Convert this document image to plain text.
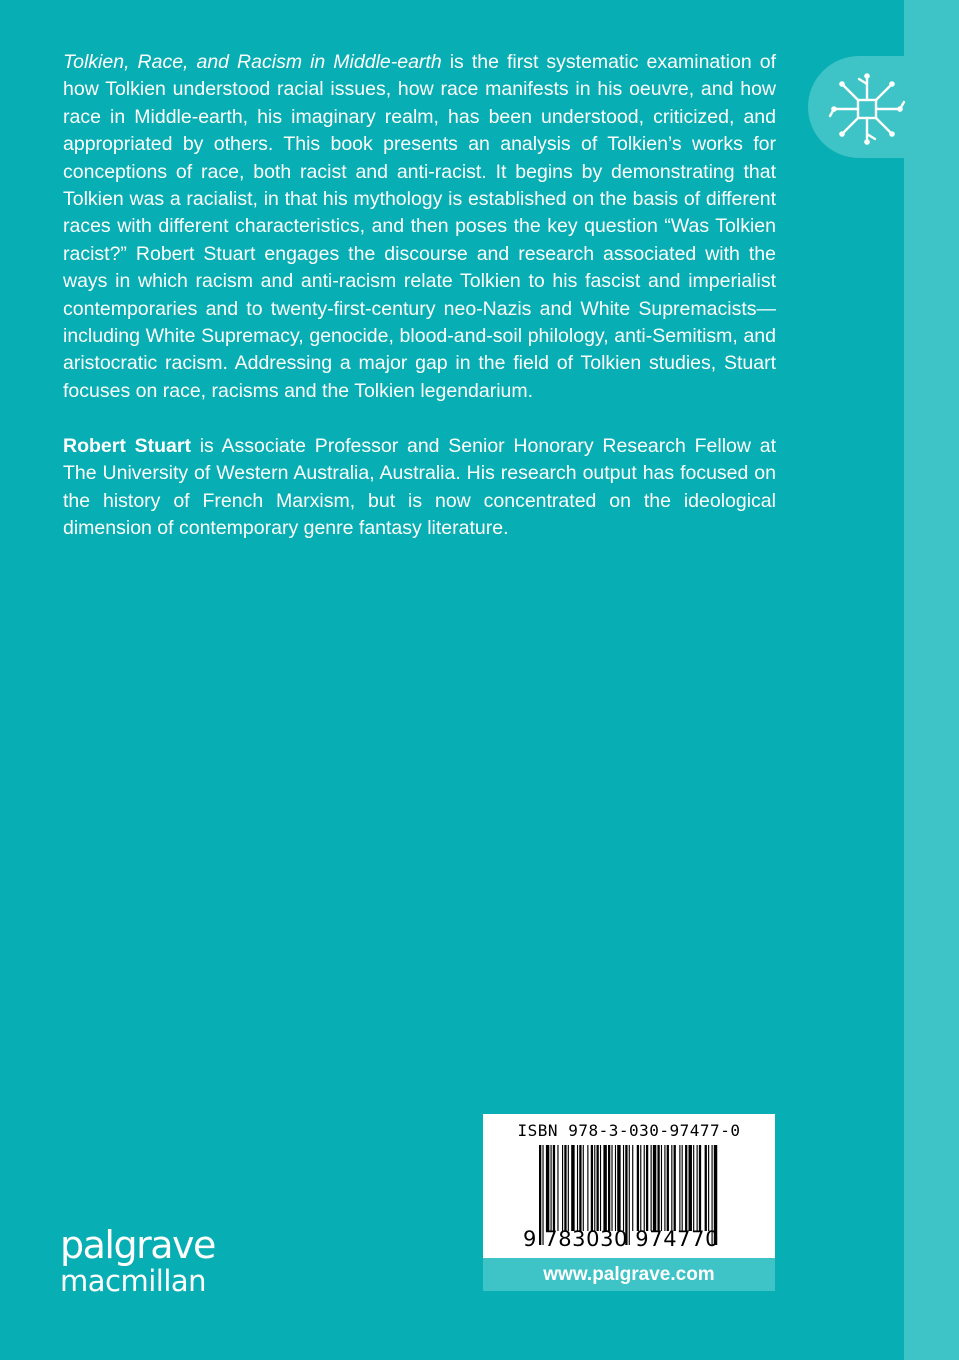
Tolkien, Race, and Racism in Middle-earth is the first systematic examination of how Tolkien understood racial issues, how race manifests in his oeuvre, and how race in Middle-earth, his imaginary realm, has been understood, criticized, and appropriated by others. This book presents an analysis of Tolkien’s works for conceptions of race, both racist and anti-racist. It begins by demonstrating that Tolkien was a racialist, in that his mythology is established on the basis of different races with different characteristics, and then poses the key question “Was Tolkien racist?” Robert Stuart engages the discourse and research associated with the ways in which racism and anti-racism relate Tolkien to his fascist and imperialist contemporaries and to twenty-first-century neo-Nazis and White Supremacists—including White Supremacy, genocide, blood-and-soil philology, anti-Semitism, and aristocratic racism. Addressing a major gap in the field of Tolkien studies, Stuart focuses on race, racisms and the Tolkien legendarium.

Robert Stuart is Associate Professor and Senior Honorary Research Fellow at The University of Western Australia, Australia. His research output has focused on the history of French Marxism, but is now concentrated on the ideological dimension of contemporary genre fantasy literature.

palgrave
macmillan
ISBN 978-3-030-97477-0
9 783030 974770
www.palgrave.com
